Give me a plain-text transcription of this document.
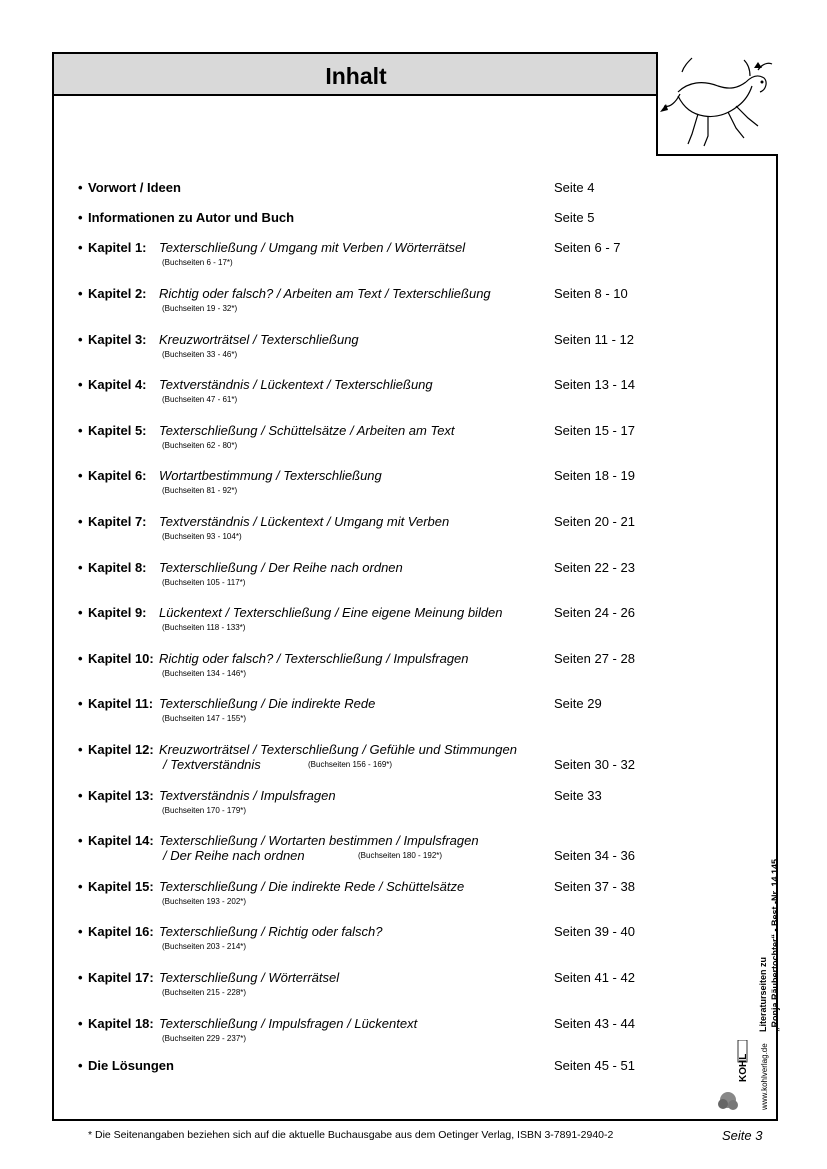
Inhalt
• Vorwort / Ideen	Seite 4
• Informationen zu Autor und Buch	Seite 5
• Kapitel 1: Texterschließung / Umgang mit Verben / Wörterrätsel	Seiten 6 - 7
(Buchseiten 6 - 17*)
• Kapitel 2: Richtig oder falsch? / Arbeiten am Text / Texterschließung	Seiten 8 - 10
(Buchseiten 19 - 32*)
• Kapitel 3: Kreuzworträtsel / Texterschließung	Seiten 11 - 12
(Buchseiten 33 - 46*)
• Kapitel 4: Textverständnis / Lückentext / Texterschließung	Seiten 13 - 14
(Buchseiten 47 - 61*)
• Kapitel 5: Texterschließung / Schüttelsätze / Arbeiten am Text	Seiten 15 - 17
(Buchseiten 62 - 80*)
• Kapitel 6: Wortartbestimmung / Texterschließung	Seiten 18 - 19
(Buchseiten 81 - 92*)
• Kapitel 7: Textverständnis / Lückentext / Umgang mit Verben	Seiten 20 - 21
(Buchseiten 93 - 104*)
• Kapitel 8: Texterschließung / Der Reihe nach ordnen	Seiten 22 - 23
(Buchseiten 105 - 117*)
• Kapitel 9: Lückentext / Texterschließung / Eine eigene Meinung bilden	Seiten 24 - 26
(Buchseiten 118 - 133*)
• Kapitel 10: Richtig oder falsch? / Texterschließung / Impulsfragen	Seiten 27 - 28
(Buchseiten 134 - 146*)
• Kapitel 11: Texterschließung / Die indirekte Rede	Seite 29
(Buchseiten 147 - 155*)
• Kapitel 12: Kreuzworträtsel / Texterschließung / Gefühle und Stimmungen
/ Textverständnis	(Buchseiten 156 - 169*)	Seiten 30 - 32
• Kapitel 13: Textverständnis / Impulsfragen	Seite 33
(Buchseiten 170 - 179*)
• Kapitel 14: Texterschließung / Wortarten bestimmen / Impulsfragen
/ Der Reihe nach ordnen	(Buchseiten 180 - 192*)	Seiten 34 - 36
• Kapitel 15: Texterschließung / Die indirekte Rede / Schüttelsätze	Seiten 37 - 38
(Buchseiten 193 - 202*)
• Kapitel 16: Texterschließung / Richtig oder falsch?	Seiten 39 - 40
(Buchseiten 203 - 214*)
• Kapitel 17: Texterschließung / Wörterrätsel	Seiten 41 - 42
(Buchseiten 215 - 228*)
• Kapitel 18: Texterschließung / Impulsfragen / Lückentext	Seiten 43 - 44
(Buchseiten 229 - 237*)
• Die Lösungen	Seiten 45 - 51
Literaturseiten zu „Ronja Räubertochter“ - Best.-Nr. 14 145
www.kohlverlag.de
KOHL
* Die Seitenangaben beziehen sich auf die aktuelle Buchausgabe aus dem Oetinger Verlag, ISBN 3-7891-2940-2	Seite 3
